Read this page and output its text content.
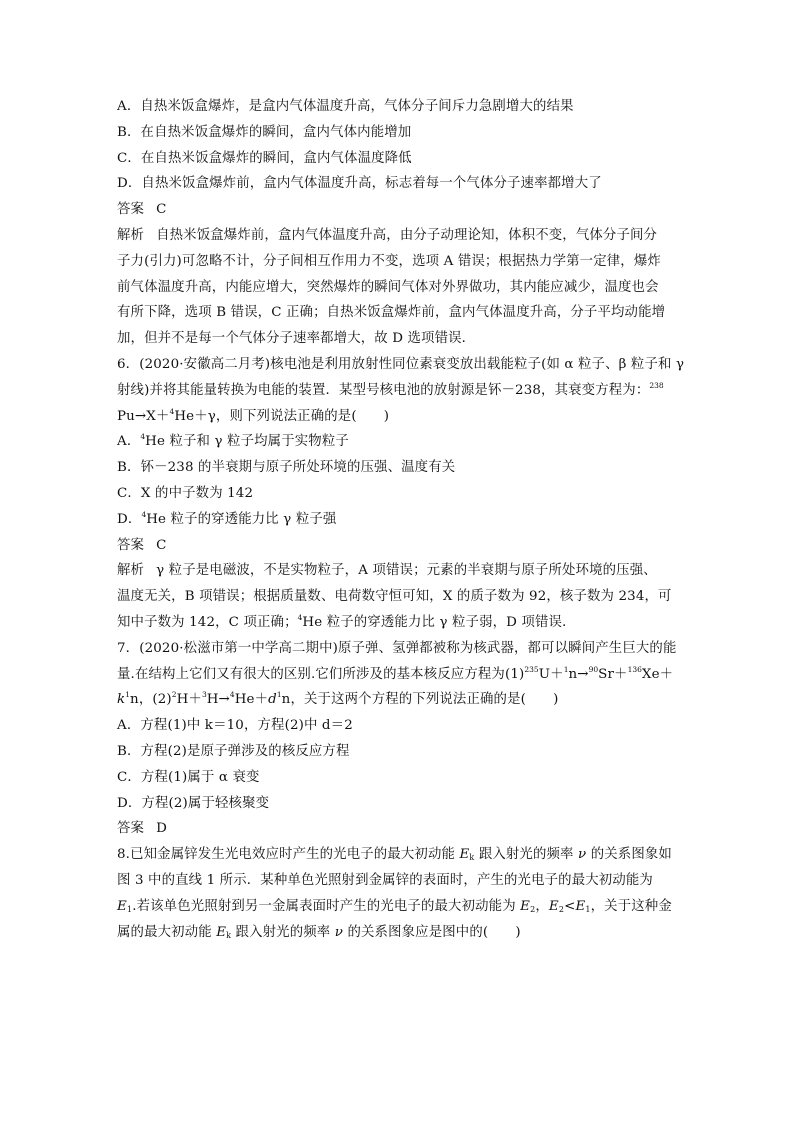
A．自热米饭盒爆炸，是盒内气体温度升高，气体分子间斥力急剧增大的结果
B．在自热米饭盒爆炸的瞬间，盒内气体内能增加
C．在自热米饭盒爆炸的瞬间，盒内气体温度降低
D．自热米饭盒爆炸前，盒内气体温度升高，标志着每一个气体分子速率都增大了
答案 C
解析 自热米饭盒爆炸前，盒内气体温度升高，由分子动理论知，体积不变，气体分子间分
子力(引力)可忽略不计，分子间相互作用力不变，选项 A 错误；根据热力学第一定律，爆炸
前气体温度升高，内能应增大，突然爆炸的瞬间气体对外界做功，其内能应减少，温度也会
有所下降，选项 B 错误，C 正确；自热米饭盒爆炸前，盒内气体温度升高，分子平均动能增
加，但并不是每一个气体分子速率都增大，故 D 选项错误．
6．(2020·安徽高二月考)核电池是利用放射性同位素衰变放出载能粒子(如 α 粒子、β 粒子和 γ
射线)并将其能量转换为电能的装置．某型号核电池的放射源是钚－238，其衰变方程为：$^{238}$
Pu→X＋$^4$He＋γ，则下列说法正确的是(　　)
A．$^4$He 粒子和 γ 粒子均属于实物粒子
B．钚－238 的半衰期与原子所处环境的压强、温度有关
C．X 的中子数为 142
D．$^4$He 粒子的穿透能力比 γ 粒子强
答案 C
解析 γ 粒子是电磁波，不是实物粒子，A 项错误；元素的半衰期与原子所处环境的压强、
温度无关，B 项错误；根据质量数、电荷数守恒可知，X 的质子数为 92，核子数为 234，可
知中子数为 142，C 项正确；$^4$He 粒子的穿透能力比 γ 粒子弱，D 项错误．
7．(2020·松滋市第一中学高二期中)原子弹、氢弹都被称为核武器，都可以瞬间产生巨大的能
量.在结构上它们又有很大的区别.它们所涉及的基本核反应方程为$(1)^{235}U+^1n\to^{90}Sr+^{136}Xe+$
$k^1n$，$(2)^2H+^3H\to^4He+d^1n$，关于这两个方程的下列说法正确的是(　　)
A．方程(1)中 k＝10，方程(2)中 d＝2
B．方程(2)是原子弹涉及的核反应方程
C．方程(1)属于 α 衰变
D．方程(2)属于轻核聚变
答案 D
8.已知金属锌发生光电效应时产生的光电子的最大初动能 $E_k$ 跟入射光的频率 ν 的关系图象如
图 3 中的直线 1 所示．某种单色光照射到金属锌的表面时，产生的光电子的最大初动能为
$E_1$.若该单色光照射到另一金属表面时产生的光电子的最大初动能为 $E_2$，$E_2<E_1$，关于这种金
属的最大初动能 $E_k$ 跟入射光的频率 ν 的关系图象应是图中的(　　)
